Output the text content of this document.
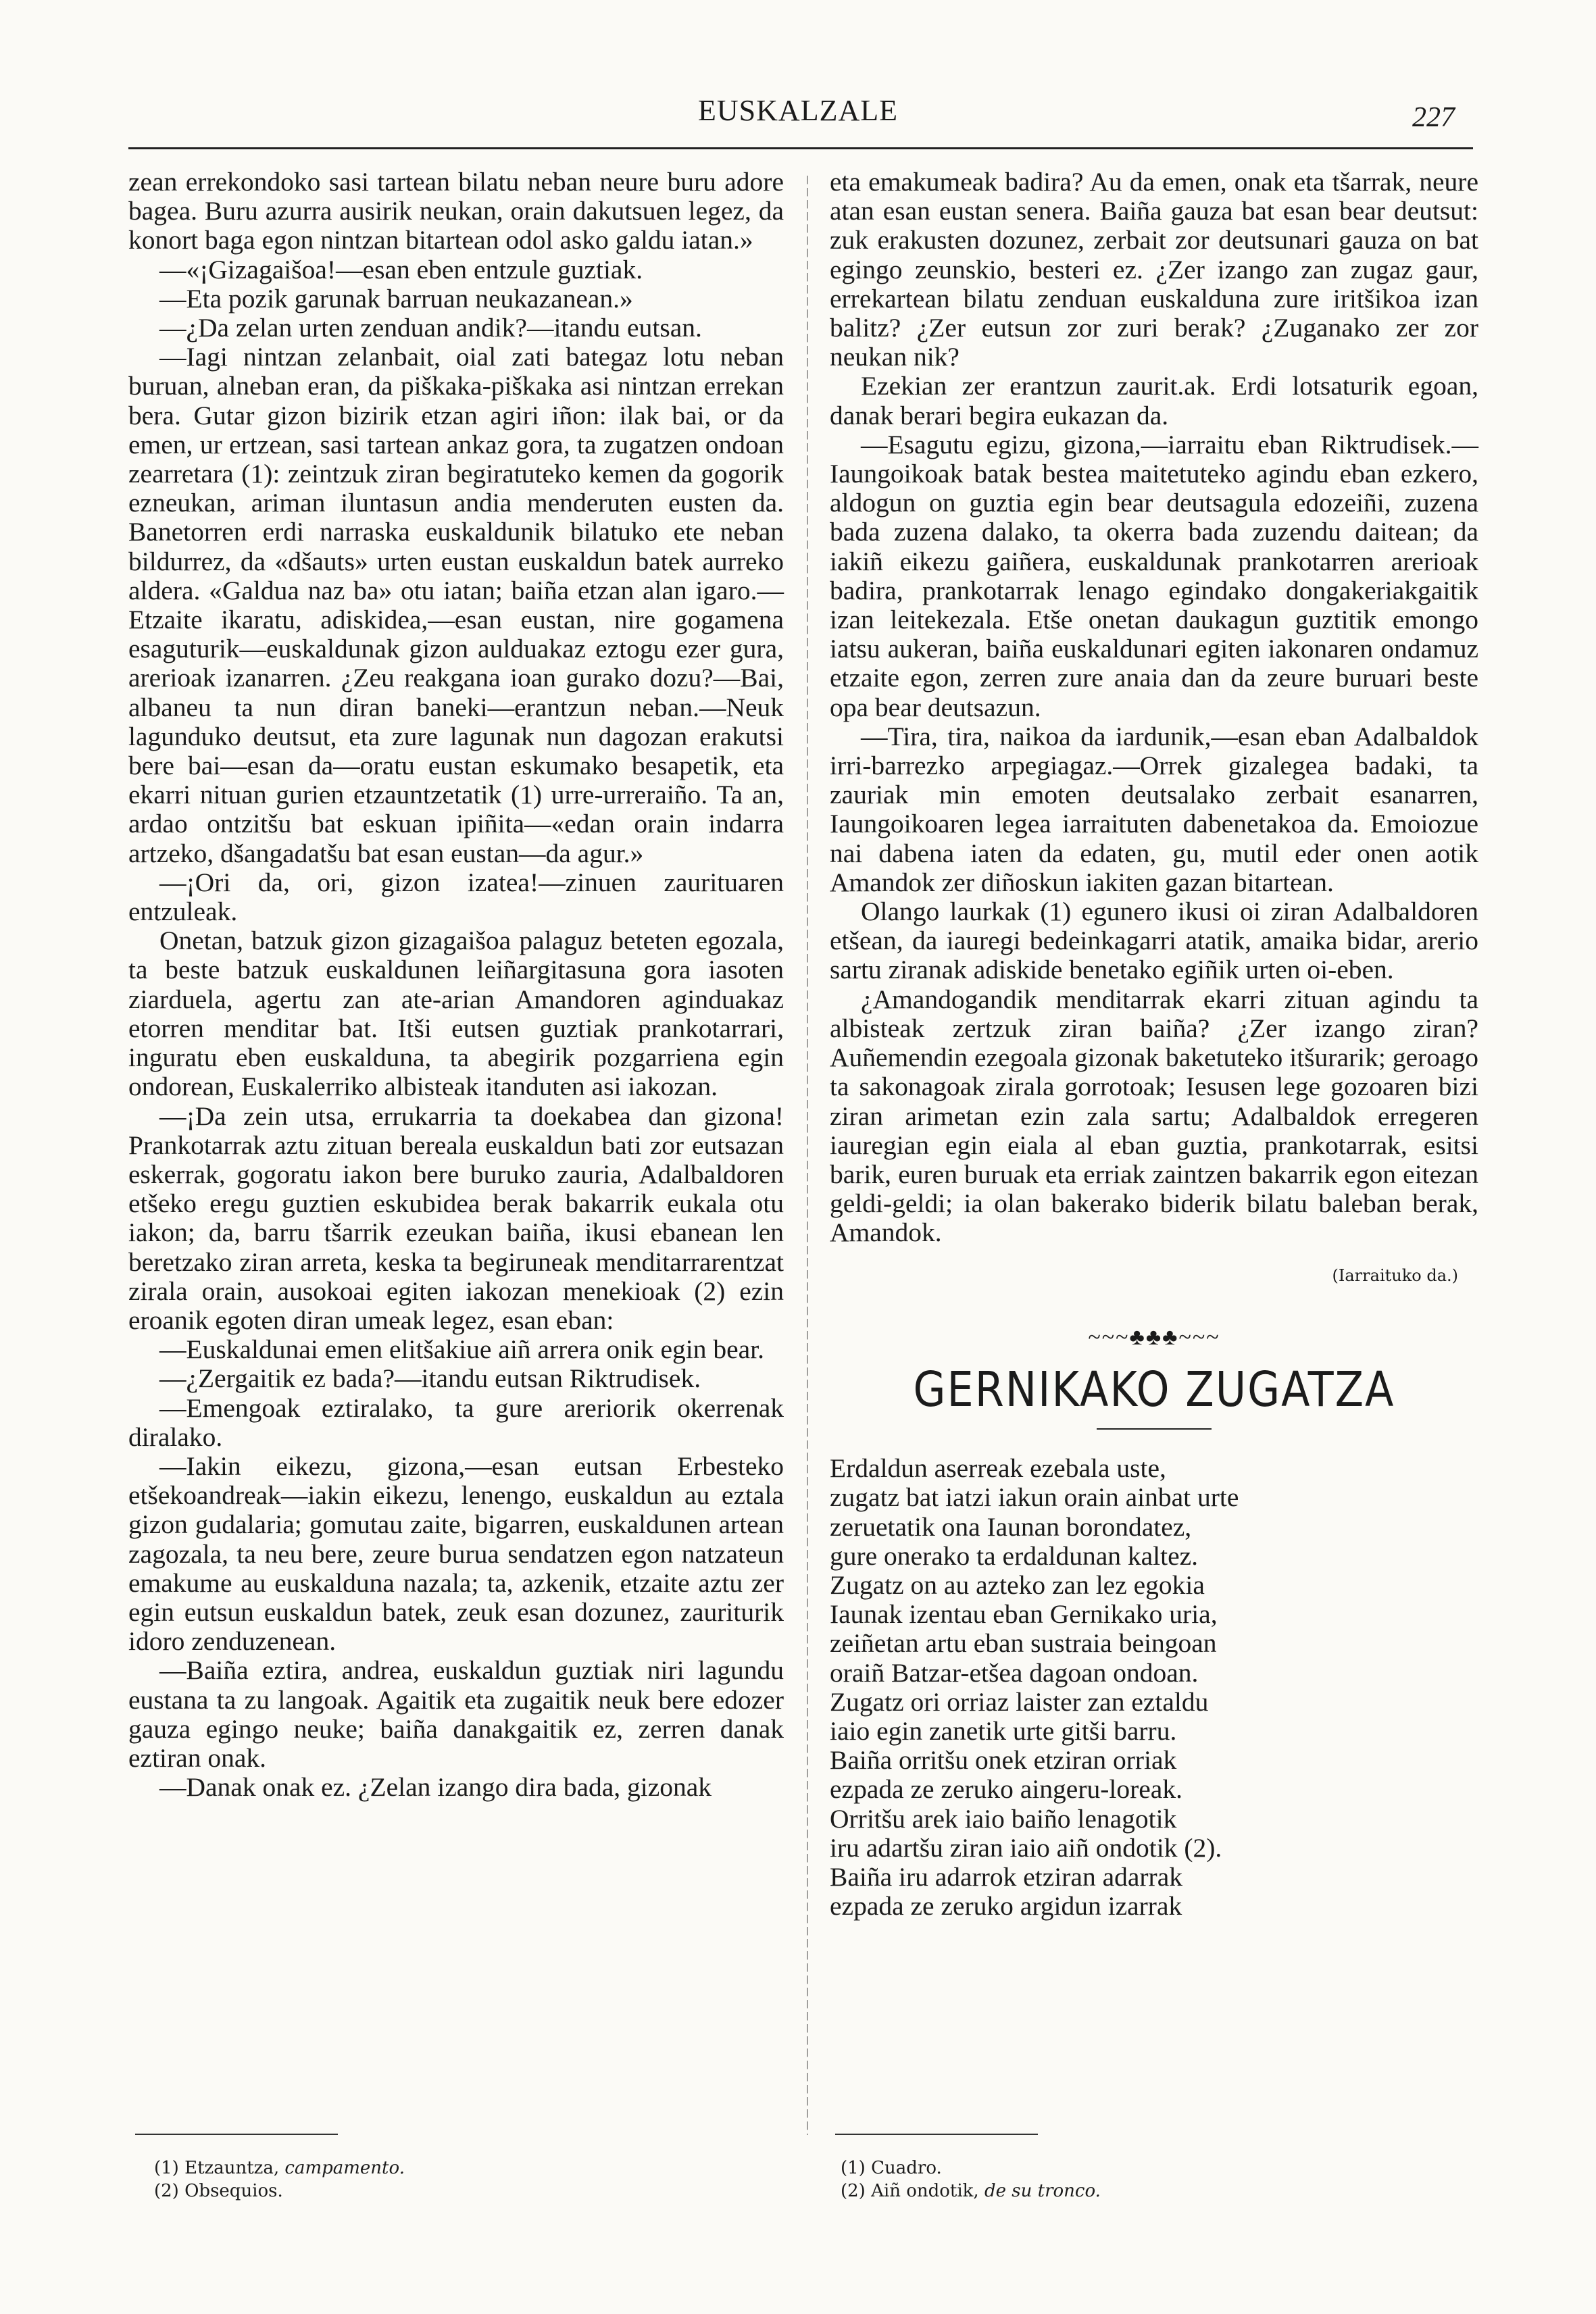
EUSKALZALE	227

zean errekondoko sasi tartean bilatu neban neure buru adore bagea. Buru azurra ausirik neukan, orain dakutsuen legez, da konort baga egon nintzan bitartean odol asko galdu iatan.»

—«¡Gizagaišoa!—esan eben entzule guztiak.

—Eta pozik garunak barruan neukazanean.»

—¿Da zelan urten zenduan andik?—itandu eutsan.

—Iagi nintzan zelanbait, oial zati bategaz lotu neban buruan, alneban eran, da piškaka-piškaka asi nintzan errekan bera. Gutar gizon bizirik etzan agiri iñon: ilak bai, or da emen, ur ertzean, sasi tartean ankaz gora, ta zugatzen ondoan zearretara (1): zeintzuk ziran begiratuteko kemen da gogorik ezneukan, ariman iluntasun andia menderuten eusten da. Banetorren erdi narraska euskaldunik bilatuko ete neban bildurrez, da «dšauts» urten eustan euskaldun batek aurreko aldera. «Galdua naz ba» otu iatan; baiña etzan alan igaro.—Etzaite ikaratu, adiskidea,—esan eustan, nire gogamena esaguturik—euskaldunak gizon aulduakaz eztogu ezer gura, arerioak izanarren. ¿Zeu reakgana ioan gurako dozu?—Bai, albaneu ta nun diran baneki—erantzun neban.—Neuk lagunduko deutsut, eta zure lagunak nun dagozan erakutsi bere bai—esan da—oratu eustan eskumako besapetik, eta ekarri nituan gurien etzauntzetatik (1) urre-urreraiño. Ta an, ardao ontzitšu bat eskuan ipiñita—«edan orain indarra artzeko, dšangadatšu bat esan eustan—da agur.»

—¡Ori da, ori, gizon izatea!—zinuen zaurituaren entzuleak.

Onetan, batzuk gizon gizagaišoa palaguz beteten egozala, ta beste batzuk euskaldunen leiñargitasuna gora iasoten ziarduela, agertu zan ate-arian Amandoren aginduakaz etorren menditar bat. Itši eutsen guztiak prankotarrari, inguratu eben euskalduna, ta abegirik pozgarriena egin ondorean, Euskalerriko albisteak itanduten asi iakozan.

—¡Da zein utsa, errukarria ta doekabea dan gizona! Prankotarrak aztu zituan bereala euskaldun bati zor eutsazan eskerrak, gogoratu iakon bere buruko zauria, Adalbaldoren etšeko eregu guztien eskubidea berak bakarrik eukala otu iakon; da, barru tšarrik ezeukan baiña, ikusi ebanean len beretzako ziran arreta, keska ta begiruneak menditarrarentzat zirala orain, ausokoai egiten iakozan menekioak (2) ezin eroanik egoten diran umeak legez, esan eban:

—Euskaldunai emen elitšakiue aiñ arrera onik egin bear.

—¿Zergaitik ez bada?—itandu eutsan Riktrudisek.

—Emengoak eztiralako, ta gure areriorik okerrenak diralako.

—Iakin eikezu, gizona,—esan eutsan Erbesteko etšekoandreak—iakin eikezu, lenengo, euskaldun au eztala gizon gudalaria; gomutau zaite, bigarren, euskaldunen artean zagozala, ta neu bere, zeure burua sendatzen egon natzateun emakume au euskalduna nazala; ta, azkenik, etzaite aztu zer egin eutsun euskaldun batek, zeuk esan dozunez, zauriturik idoro zenduzenean.

—Baiña eztira, andrea, euskaldun guztiak niri lagundu eustana ta zu langoak. Agaitik eta zugaitik neuk bere edozer gauza egingo neuke; baiña danakgaitik ez, zerren danak eztiran onak.

—Danak onak ez. ¿Zelan izango dira bada, gizonak

eta emakumeak badira? Au da emen, onak eta tšarrak, neure atan esan eustan senera. Baiña gauza bat esan bear deutsut: zuk erakusten dozunez, zerbait zor deutsunari gauza on bat egingo zeunskio, besteri ez. ¿Zer izango zan zugaz gaur, errekartean bilatu zenduan euskalduna zure iritšikoa izan balitz? ¿Zer eutsun zor zuri berak? ¿Zuganako zer zor neukan nik?

Ezekian zer erantzun zaurit.ak. Erdi lotsaturik egoan, danak berari begira eukazan da.

—Esagutu egizu, gizona,—iarraitu eban Riktrudisek.—Iaungoikoak batak bestea maitetuteko agindu eban ezkero, aldogun on guztia egin bear deutsagula edozeiñi, zuzena bada zuzena dalako, ta okerra bada zuzendu daitean; da iakiñ eikezu gaiñera, euskaldunak prankotarren arerioak badira, prankotarrak lenago egindako dongakeriakgaitik izan leitekezala. Etše onetan daukagun guztitik emongo iatsu aukeran, baiña euskaldunari egiten iakonaren ondamuz etzaite egon, zerren zure anaia dan da zeure buruari beste opa bear deutsazun.

—Tira, tira, naikoa da iardunik,—esan eban Adalbaldok irri-barrezko arpegiagaz.—Orrek gizalegea badaki, ta zauriak min emoten deutsalako zerbait esanarren, Iaungoikoaren legea iarraituten dabenetakoa da. Emoiozue nai dabena iaten da edaten, gu, mutil eder onen aotik Amandok zer diñoskun iakiten gazan bitartean.

Olango laurkak (1) egunero ikusi oi ziran Adalbaldoren etšean, da iauregi bedeinkagarri atatik, amaika bidar, arerio sartu ziranak adiskide benetako egiñik urten oi-eben.

¿Amandogandik menditarrak ekarri zituan agindu ta albisteak zertzuk ziran baiña? ¿Zer izango ziran? Auñemendin ezegoala gizonak baketuteko itšurarik; geroago ta sakonagoak zirala gorrotoak; Iesusen lege gozoaren bizi ziran arimetan ezin zala sartu; Adalbaldok erregeren iauregian egin eiala al eban guztia, prankotarrak, esitsi barik, euren buruak eta erriak zaintzen bakarrik egon eitezan geldi-geldi; ia olan bakerako biderik bilatu baleban berak, Amandok.

(Iarraituko da.)
~~~♣♣♣~~~
GERNIKAKO ZUGATZA

Erdaldun aserreak ezebala uste,

zugatz bat iatzi iakun orain ainbat urte

zeruetatik ona Iaunan borondatez,

gure onerako ta erdaldunan kaltez.

Zugatz on au azteko zan lez egokia

Iaunak izentau eban Gernikako uria,

zeiñetan artu eban sustraia beingoan

oraiñ Batzar-etšea dagoan ondoan.

Zugatz ori orriaz laister zan eztaldu

iaio egin zanetik urte gitši barru.

Baiña orritšu onek etziran orriak

ezpada ze zeruko aingeru-loreak.

Orritšu arek iaio baiño lenagotik

iru adartšu ziran iaio aiñ ondotik (2).

Baiña iru adarrok etziran adarrak

ezpada ze zeruko argidun izarrak

(1) Etzauntza, campamento.
(2) Obsequios.
(1) Cuadro.
(2) Aiñ ondotik, de su tronco.
